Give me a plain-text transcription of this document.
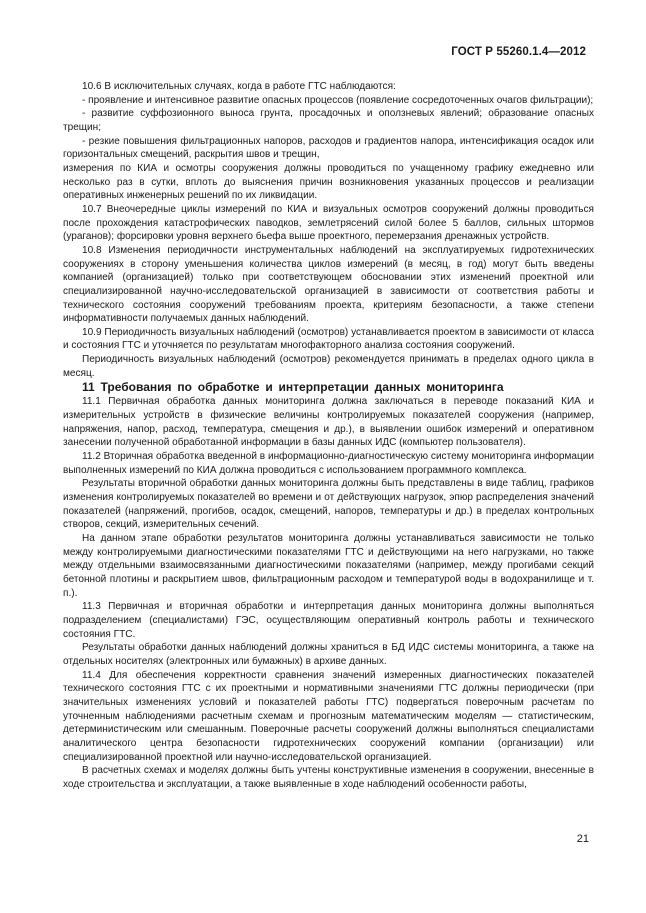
ГОСТ Р 55260.1.4—2012

10.6 В исключительных случаях, когда в работе ГТС наблюдаются:

- проявление и интенсивное развитие опасных процессов (появление сосредоточенных очагов фильтрации);

- развитие суффозионного выноса грунта, просадочных и оползневых явлений; образование опасных трещин;

- резкие повышения фильтрационных напоров, расходов и градиентов напора, интенсификация осадок или горизонтальных смещений, раскрытия швов и трещин,

измерения по КИА и осмотры сооружения должны проводиться по учащенному графику ежедневно или несколько раз в сутки, вплоть до выяснения причин возникновения указанных процессов и реализации оперативных инженерных решений по их ликвидации.

10.7 Внеочередные циклы измерений по КИА и визуальных осмотров сооружений должны проводиться после прохождения катастрофических паводков, землетрясений силой более 5 баллов, сильных штормов (ураганов); форсировки уровня верхнего бьефа выше проектного, перемерзания дренажных устройств.

10.8 Изменения периодичности инструментальных наблюдений на эксплуатируемых гидротехнических сооружениях в сторону уменьшения количества циклов измерений (в месяц, в год) могут быть введены компанией (организацией) только при соответствующем обосновании этих изменений проектной или специализированной научно-исследовательской организацией в зависимости от соответствия работы и технического состояния сооружений требованиям проекта, критериям безопасности, а также степени информативности получаемых данных наблюдений.

10.9 Периодичность визуальных наблюдений (осмотров) устанавливается проектом в зависимости от класса и состояния ГТС и уточняется по результатам многофакторного анализа состояния сооружений.

Периодичность визуальных наблюдений (осмотров) рекомендуется принимать в пределах одного цикла в месяц.

11 Требования по обработке и интерпретации данных мониторинга

11.1 Первичная обработка данных мониторинга должна заключаться в переводе показаний КИА и измерительных устройств в физические величины контролируемых показателей сооружения (например, напряжения, напор, расход, температура, смещения и др.), в выявлении ошибок измерений и оперативном занесении полученной обработанной информации в базы данных ИДС (компьютер пользователя).

11.2 Вторичная обработка введенной в информационно-диагностическую систему мониторинга информации выполненных измерений по КИА должна проводиться с использованием программного комплекса.

Результаты вторичной обработки данных мониторинга должны быть представлены в виде таблиц, графиков изменения контролируемых показателей во времени и от действующих нагрузок, эпюр распределения значений показателей (напряжений, прогибов, осадок, смещений, напоров, температуры и др.) в пределах контрольных створов, секций, измерительных сечений.

На данном этапе обработки результатов мониторинга должны устанавливаться зависимости не только между контролируемыми диагностическими показателями ГТС и действующими на него нагрузками, но также между отдельными взаимосвязанными диагностическими показателями (например, между прогибами секций бетонной плотины и раскрытием швов, фильтрационным расходом и температурой воды в водохранилище и т. п.).

11.3 Первичная и вторичная обработки и интерпретация данных мониторинга должны выполняться подразделением (специалистами) ГЭС, осуществляющим оперативный контроль работы и технического состояния ГТС.

Результаты обработки данных наблюдений должны храниться в БД ИДС системы мониторинга, а также на отдельных носителях (электронных или бумажных) в архиве данных.

11.4 Для обеспечения корректности сравнения значений измеренных диагностических показателей технического состояния ГТС с их проектными и нормативными значениями ГТС должны периодически (при значительных изменениях условий и показателей работы ГТС) подвергаться поверочным расчетам по уточненным наблюдениями расчетным схемам и прогнозным математическим моделям — статистическим, детерминистическим или смешанным. Поверочные расчеты сооружений должны выполняться специалистами аналитического центра безопасности гидротехнических сооружений компании (организации) или специализированной проектной или научно-исследовательской организацией.

В расчетных схемах и моделях должны быть учтены конструктивные изменения в сооружении, внесенные в ходе строительства и эксплуатации, а также выявленные в ходе наблюдений особенности работы,

21
